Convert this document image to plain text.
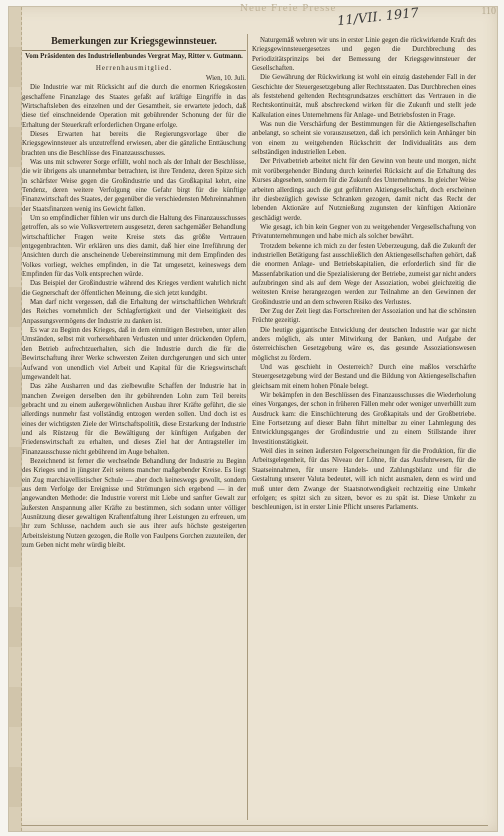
Neue Freie Presse 11/VII. 1917	110
Bemerkungen zur Kriegsgewinnsteuer.
Vom Präsidenten des Industriellenbundes Vergrat May, Ritter v. Gutmann.
Herrenhausmitglied.

Wien, 10. Juli.

Die Industrie war mit Rücksicht auf die durch die enormen Kriegskosten geschaffene Finanzlage des Staates gefaßt auf kräftige Eingriffe in das Wirtschaftsleben des einzelnen und der Gesamtheit, sie erwartete jedoch, daß diese tief einschneidende Operation mit gebührender Schonung der für die Erhaltung der Steuerkraft erforderlichen Organe erfolge.

Dieses Erwarten hat bereits die Regierungsvorlage über die Kriegsgewinnsteuer als unzutreffend erwiesen, aber die gänzliche Enttäuschung brachten uns die Beschlüsse des Finanzausschusses.

Was uns mit schwerer Sorge erfüllt, wohl noch als der Inhalt der Beschlüsse, die wir übrigens als unannehmbar betrachten, ist ihre Tendenz, deren Spitze sich in schärfster Weise gegen die Großindustrie und das Großkapital kehrt, eine Tendenz, deren weitere Verfolgung eine Gefahr birgt für die künftige Finanzwirtschaft des Staates, der gegenüber die verschiedensten Mehreinnahmen der Staatsfinanzen wenig ins Gewicht fallen.

Um so empfindlicher fühlen wir uns durch die Haltung des Finanzausschusses getroffen, als so wie Volksvertretern ausgesetzt, deren sachgemäßer Behandlung wirtschaftlicher Fragen weite Kreise stets das größte Vertrauen entgegenbrachten. Wir erklären uns dies damit, daß hier eine Irreführung der Ansichten durch die anscheinende Uebereinstimmung mit dem Empfinden des Volkes vorliegt, welches empfinden, in die Tat umgesetzt, keineswegs dem Empfinden für das Volk entsprechen würde.

Das Beispiel der Großindustrie während des Krieges verdient wahrlich nicht die Gegnerschaft der öffentlichen Meinung, die sich jetzt kundgibt.

Man darf nicht vergessen, daß die Erhaltung der wirtschaftlichen Wehrkraft des Reiches vornehmlich der Schlagfertigkeit und der Vielseitigkeit des Anpassungsvermögens der Industrie zu danken ist.

Es war zu Beginn des Krieges, daß in dem einmütigen Bestreben, unter allen Umständen, selbst mit vorhersehbaren Verlusten und unter drückenden Opfern, den Betrieb aufrechtzuerhalten, sich die Industrie durch die für die Bewirtschaftung ihrer Werke schwersten Zeiten durchgerungen und sich unter Aufwand von unendlich viel Arbeit und Kapital für die Kriegswirtschaft umgewandelt hat.

Das zähe Ausharren und das zielbewußte Schaffen der Industrie hat in manchen Zweigen derselben den ihr gebührenden Lohn zum Teil bereits gebracht und zu einem außergewöhnlichen Ausbau ihrer Kräfte geführt, die sie allerdings nunmehr fast vollständig entzogen werden sollen. Und doch ist es eines der wichtigsten Ziele der Wirtschaftspolitik, diese Erstarkung der Industrie und als Rüstzeug für die Bewältigung der künftigen Aufgaben der Friedenswirtschaft zu erhalten, und dieses Ziel hat der Antragsteller im Finanzausschusse nicht gebührend im Auge behalten.

Bezeichnend ist ferner die wechselnde Behandlung der Industrie zu Beginn des Krieges und in jüngster Zeit seitens mancher maßgebender Kreise. Es liegt ein Zug marchiavellistischer Schule — aber doch keineswegs gewollt, sondern aus dem Verfolge der Ereignisse und Strömungen sich ergebend — in der angewandten Methode: die Industrie vorerst mit Liebe und sanfter Gewalt zur äußersten Anspannung aller Kräfte zu bestimmen, sich sodann unter völliger Ausnützung dieser gewaltigen Kraftentfaltung ihrer Leistungen zu erfreuen, um ihr zum Schlusse, nachdem auch sie aus ihrer aufs höchste gesteigerten Arbeitsleistung Nutzen gezogen, die Rolle von Faulpens Gorchen zuzuteilen, der zum Geben nicht mehr würdig bleibt.

Naturgemäß wehren wir uns in erster Linie gegen die rückwirkende Kraft des Kriegsgewinnsteuergesetzes und gegen die Durchbrechung des Periodizitätsprinzips bei der Bemessung der Kriegsgewinnsteuer der Gesellschaften.

Die Gewährung der Rückwirkung ist wohl ein einzig dastehender Fall in der Geschichte der Steuergesetzgebung aller Rechtsstaaten. Das Durchbrechen eines als feststehend geltenden Rechtsgrundsatzes erschüttert das Vertrauen in die Rechtskontinuität, muß abschreckend wirken für die Zukunft und stellt jede Kalkulation eines Unternehmens für Anlage- und Betriebsfosten in Frage.

Was nun die Verschärfung der Bestimmungen für die Aktiengesellschaften anbelangt, so scheint sie vorauszusetzen, daß ich persönlich kein Anhänger bin von einem zu weitgehenden Rückschritt der Individualitäts aus dem selbständigen industriellen Leben.

Der Privatbetrieb arbeitet nicht für den Gewinn von heute und morgen, nicht mit vorübergehender Bindung durch keinerlei Rücksicht auf die Erhaltung des Kurses abgesehen, sondern für die Zukunft des Unternehmens. In gleicher Weise arbeiten allerdings auch die gut geführten Aktiengesellschaft, doch erscheinen ihr diesbezüglich gewisse Schranken gezogen, damit nicht das Recht der lebenden Aktionäre auf Nutznießung zugunsten der künftigen Aktionäre geschädigt werde.

Wie gesagt, ich bin kein Gegner von zu weitgehender Vergesellschaftung von Privatunternehmungen und habe mich als solcher bewährt.

Trotzdem bekenne ich mich zu der festen Ueberzeugung, daß die Zukunft der industriellen Betätigung fast ausschließlich den Aktiengesellschaften gehört, daß die enormen Anlage- und Betriebskapitalien, die erforderlich sind für die Massenfabrikation und die Spezialisierung der Betriebe, zumeist gar nicht anders aufzubringen sind als auf dem Wege der Assoziation, wobei gleichzeitig die weitesten Kreise herangezogen werden zur Teilnahme an den Gewinnen der Großindustrie und an dem schweren Risiko des Verlustes.

Der Zug der Zeit liegt das Fortschreiten der Assoziation und hat die schönsten Früchte gezeitigt.

Die heutige gigantische Entwicklung der deutschen Industrie war gar nicht anders möglich, als unter Mitwirkung der Banken, und Aufgabe der österreichischen Gesetzgebung wäre es, das gesunde Assoziationswesen möglichst zu fördern.

Und was geschieht in Oesterreich? Durch eine maßlos verschärfte Steuergesetzgebung wird der Bestand und die Bildung von Aktiengesellschaften gleichsam mit einem hohen Pönale belegt.

Wir bekämpfen in den Beschlüssen des Finanzausschusses die Wiederholung eines Vorganges, der schon in früheren Fällen mehr oder weniger unverhüllt zum Ausdruck kam: die Einschüchterung des Großkapitals und der Großbetriebe. Eine Fortsetzung auf dieser Bahn führt mittelbar zu einer Lahmlegung des Entwicklungsganges der Großindustrie und zu einem Stillstande ihrer Investitionstätigkeit.

Weil dies in seinen äußersten Folgeerscheinungen für die Produktion, für die Arbeitsgelegenheit, für das Niveau der Löhne, für das Ausfuhrwesen, für die Staatseinnahmen, für unsere Handels- und Zahlungsbilanz und für die Gestaltung unserer Valuta bedeutet, will ich nicht ausmalen, denn es wird und muß unter dem Zwange der Staatsnotwendigkeit rechtzeitig eine Umkehr erfolgen; es spitzt sich zu sitzen, bevor es zu spät ist. Diese Umkehr zu beschleunigen, ist in erster Linie Pflicht unseres Parlaments.
